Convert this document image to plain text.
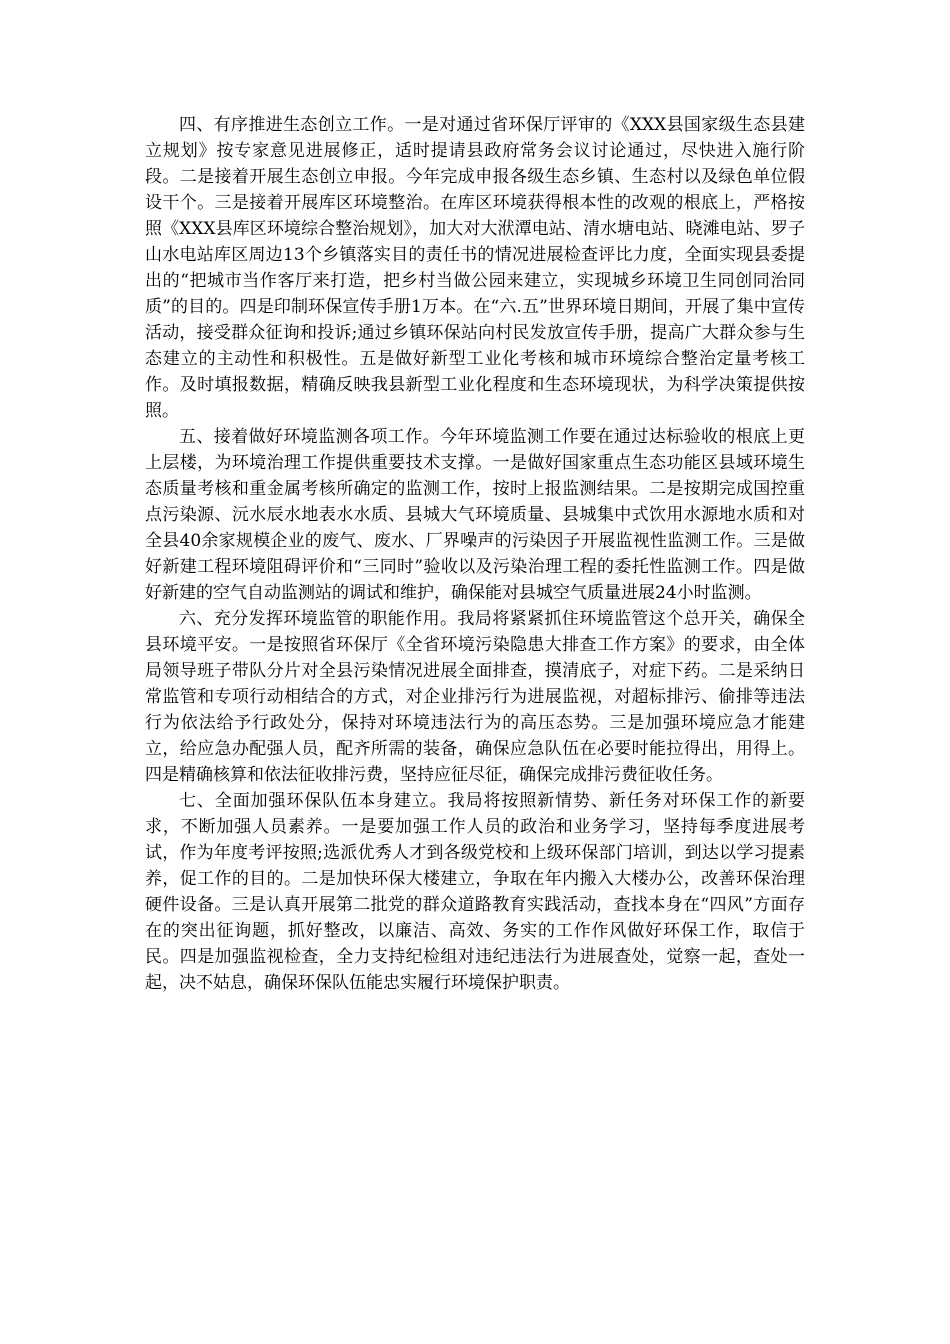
四、有序推进生态创立工作。一是对通过省环保厅评审的《XXX县国家级生态县建立规划》按专家意见进展修正，适时提请县政府常务会议讨论通过，尽快进入施行阶段。二是接着开展生态创立申报。今年完成申报各级生态乡镇、生态村以及绿色单位假设干个。三是接着开展库区环境整治。在库区环境获得根本性的改观的根底上，严格按照《XXX县库区环境综合整治规划》，加大对大洑潭电站、清水塘电站、晓滩电站、罗子山水电站库区周边13个乡镇落实目的责任书的情况进展检查评比力度，全面实现县委提出的“把城市当作客厅来打造，把乡村当做公园来建立，实现城乡环境卫生同创同治同质”的目的。四是印制环保宣传手册1万本。在“六.五”世界环境日期间，开展了集中宣传活动，接受群众征询和投诉;通过乡镇环保站向村民发放宣传手册，提高广大群众参与生态建立的主动性和积极性。五是做好新型工业化考核和城市环境综合整治定量考核工作。及时填报数据，精确反映我县新型工业化程度和生态环境现状，为科学决策提供按照。

五、接着做好环境监测各项工作。今年环境监测工作要在通过达标验收的根底上更上层楼，为环境治理工作提供重要技术支撑。一是做好国家重点生态功能区县域环境生态质量考核和重金属考核所确定的监测工作，按时上报监测结果。二是按期完成国控重点污染源、沅水辰水地表水水质、县城大气环境质量、县城集中式饮用水源地水质和对全县40余家规模企业的废气、废水、厂界噪声的污染因子开展监视性监测工作。三是做好新建工程环境阻碍评价和“三同时”验收以及污染治理工程的委托性监测工作。四是做好新建的空气自动监测站的调试和维护，确保能对县城空气质量进展24小时监测。

六、充分发挥环境监管的职能作用。我局将紧紧抓住环境监管这个总开关，确保全县环境平安。一是按照省环保厅《全省环境污染隐患大排查工作方案》的要求，由全体局领导班子带队分片对全县污染情况进展全面排查，摸清底子，对症下药。二是采纳日常监管和专项行动相结合的方式，对企业排污行为进展监视，对超标排污、偷排等违法行为依法给予行政处分，保持对环境违法行为的高压态势。三是加强环境应急才能建立，给应急办配强人员，配齐所需的装备，确保应急队伍在必要时能拉得出，用得上。四是精确核算和依法征收排污费，坚持应征尽征，确保完成排污费征收任务。

七、全面加强环保队伍本身建立。我局将按照新情势、新任务对环保工作的新要求，不断加强人员素养。一是要加强工作人员的政治和业务学习，坚持每季度进展考试，作为年度考评按照;选派优秀人才到各级党校和上级环保部门培训，到达以学习提素养，促工作的目的。二是加快环保大楼建立，争取在年内搬入大楼办公，改善环保治理硬件设备。三是认真开展第二批党的群众道路教育实践活动，查找本身在“四风”方面存在的突出征询题，抓好整改，以廉洁、高效、务实的工作作风做好环保工作，取信于民。四是加强监视检查，全力支持纪检组对违纪违法行为进展查处，觉察一起，查处一起，决不姑息，确保环保队伍能忠实履行环境保护职责。
